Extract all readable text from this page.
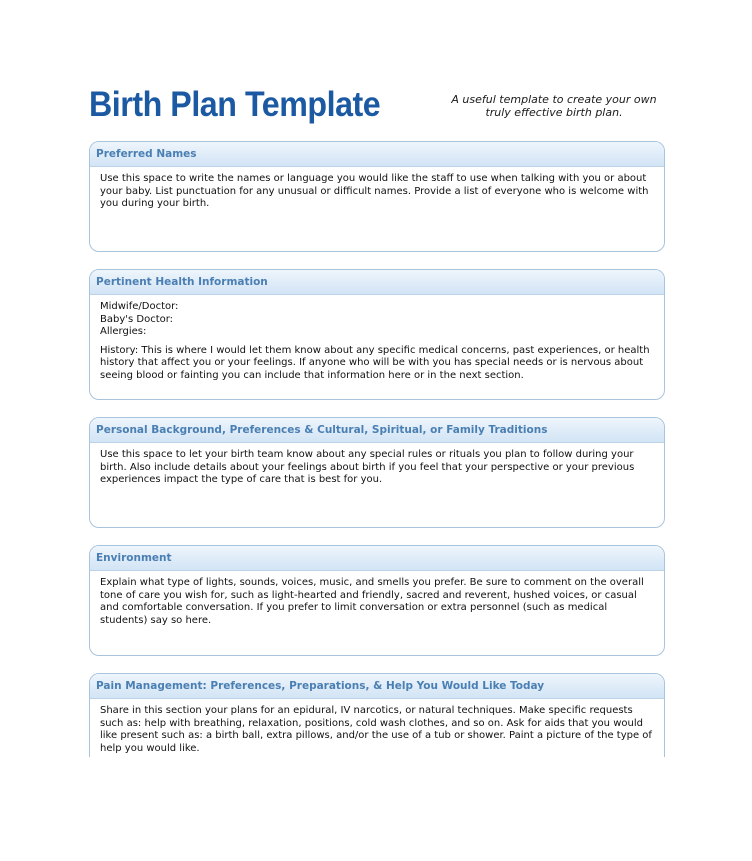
Birth Plan Template	A useful template to create your own
truly effective birth plan.
Preferred Names

Use this space to write the names or language you would like the staff to use when talking with you or about your baby. List punctuation for any unusual or difficult names. Provide a list of everyone who is welcome with you during your birth.

Pertinent Health Information

Midwife/Doctor:

Baby's Doctor:

Allergies:

History: This is where I would let them know about any specific medical concerns, past experiences, or health history that affect you or your feelings. If anyone who will be with you has special needs or is nervous about seeing blood or fainting you can include that information here or in the next section.

Personal Background, Preferences & Cultural, Spiritual, or Family Traditions

Use this space to let your birth team know about any special rules or rituals you plan to follow during your birth. Also include details about your feelings about birth if you feel that your perspective or your previous experiences impact the type of care that is best for you.

Environment

Explain what type of lights, sounds, voices, music, and smells you prefer. Be sure to comment on the overall tone of care you wish for, such as light-hearted and friendly, sacred and reverent, hushed voices, or casual and comfortable conversation. If you prefer to limit conversation or extra personnel (such as medical students) say so here.

Pain Management: Preferences, Preparations, & Help You Would Like Today

Share in this section your plans for an epidural, IV narcotics, or natural techniques. Make specific requests such as: help with breathing, relaxation, positions, cold wash clothes, and so on. Ask for aids that you would like present such as: a birth ball, extra pillows, and/or the use of a tub or shower. Paint a picture of the type of help you would like.
